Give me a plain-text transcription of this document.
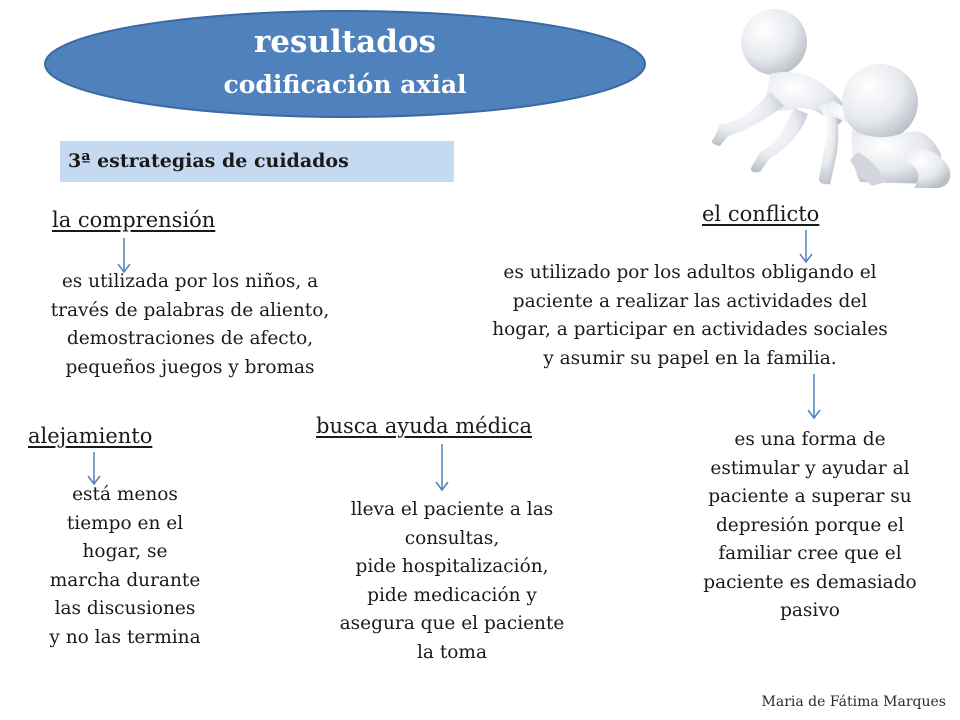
resultados
codificación axial
3ª estrategias de cuidados
la comprensión
es utilizada por los niños, a
través de palabras de aliento,
demostraciones de afecto,
pequeños juegos y bromas
el conflicto
es utilizado por los adultos obligando el
paciente a realizar las actividades del
hogar, a participar en actividades sociales
y asumir su papel en la familia.
es una forma de
estimular y ayudar al
paciente a superar su
depresión porque el
familiar cree que el
paciente es demasiado
pasivo
alejamiento
está menos
tiempo en el
hogar, se
marcha durante
las discusiones
y no las termina
busca ayuda médica
lleva el paciente a las
consultas,
pide hospitalización,
pide medicación y
asegura que el paciente
la toma
Maria de Fátima Marques
